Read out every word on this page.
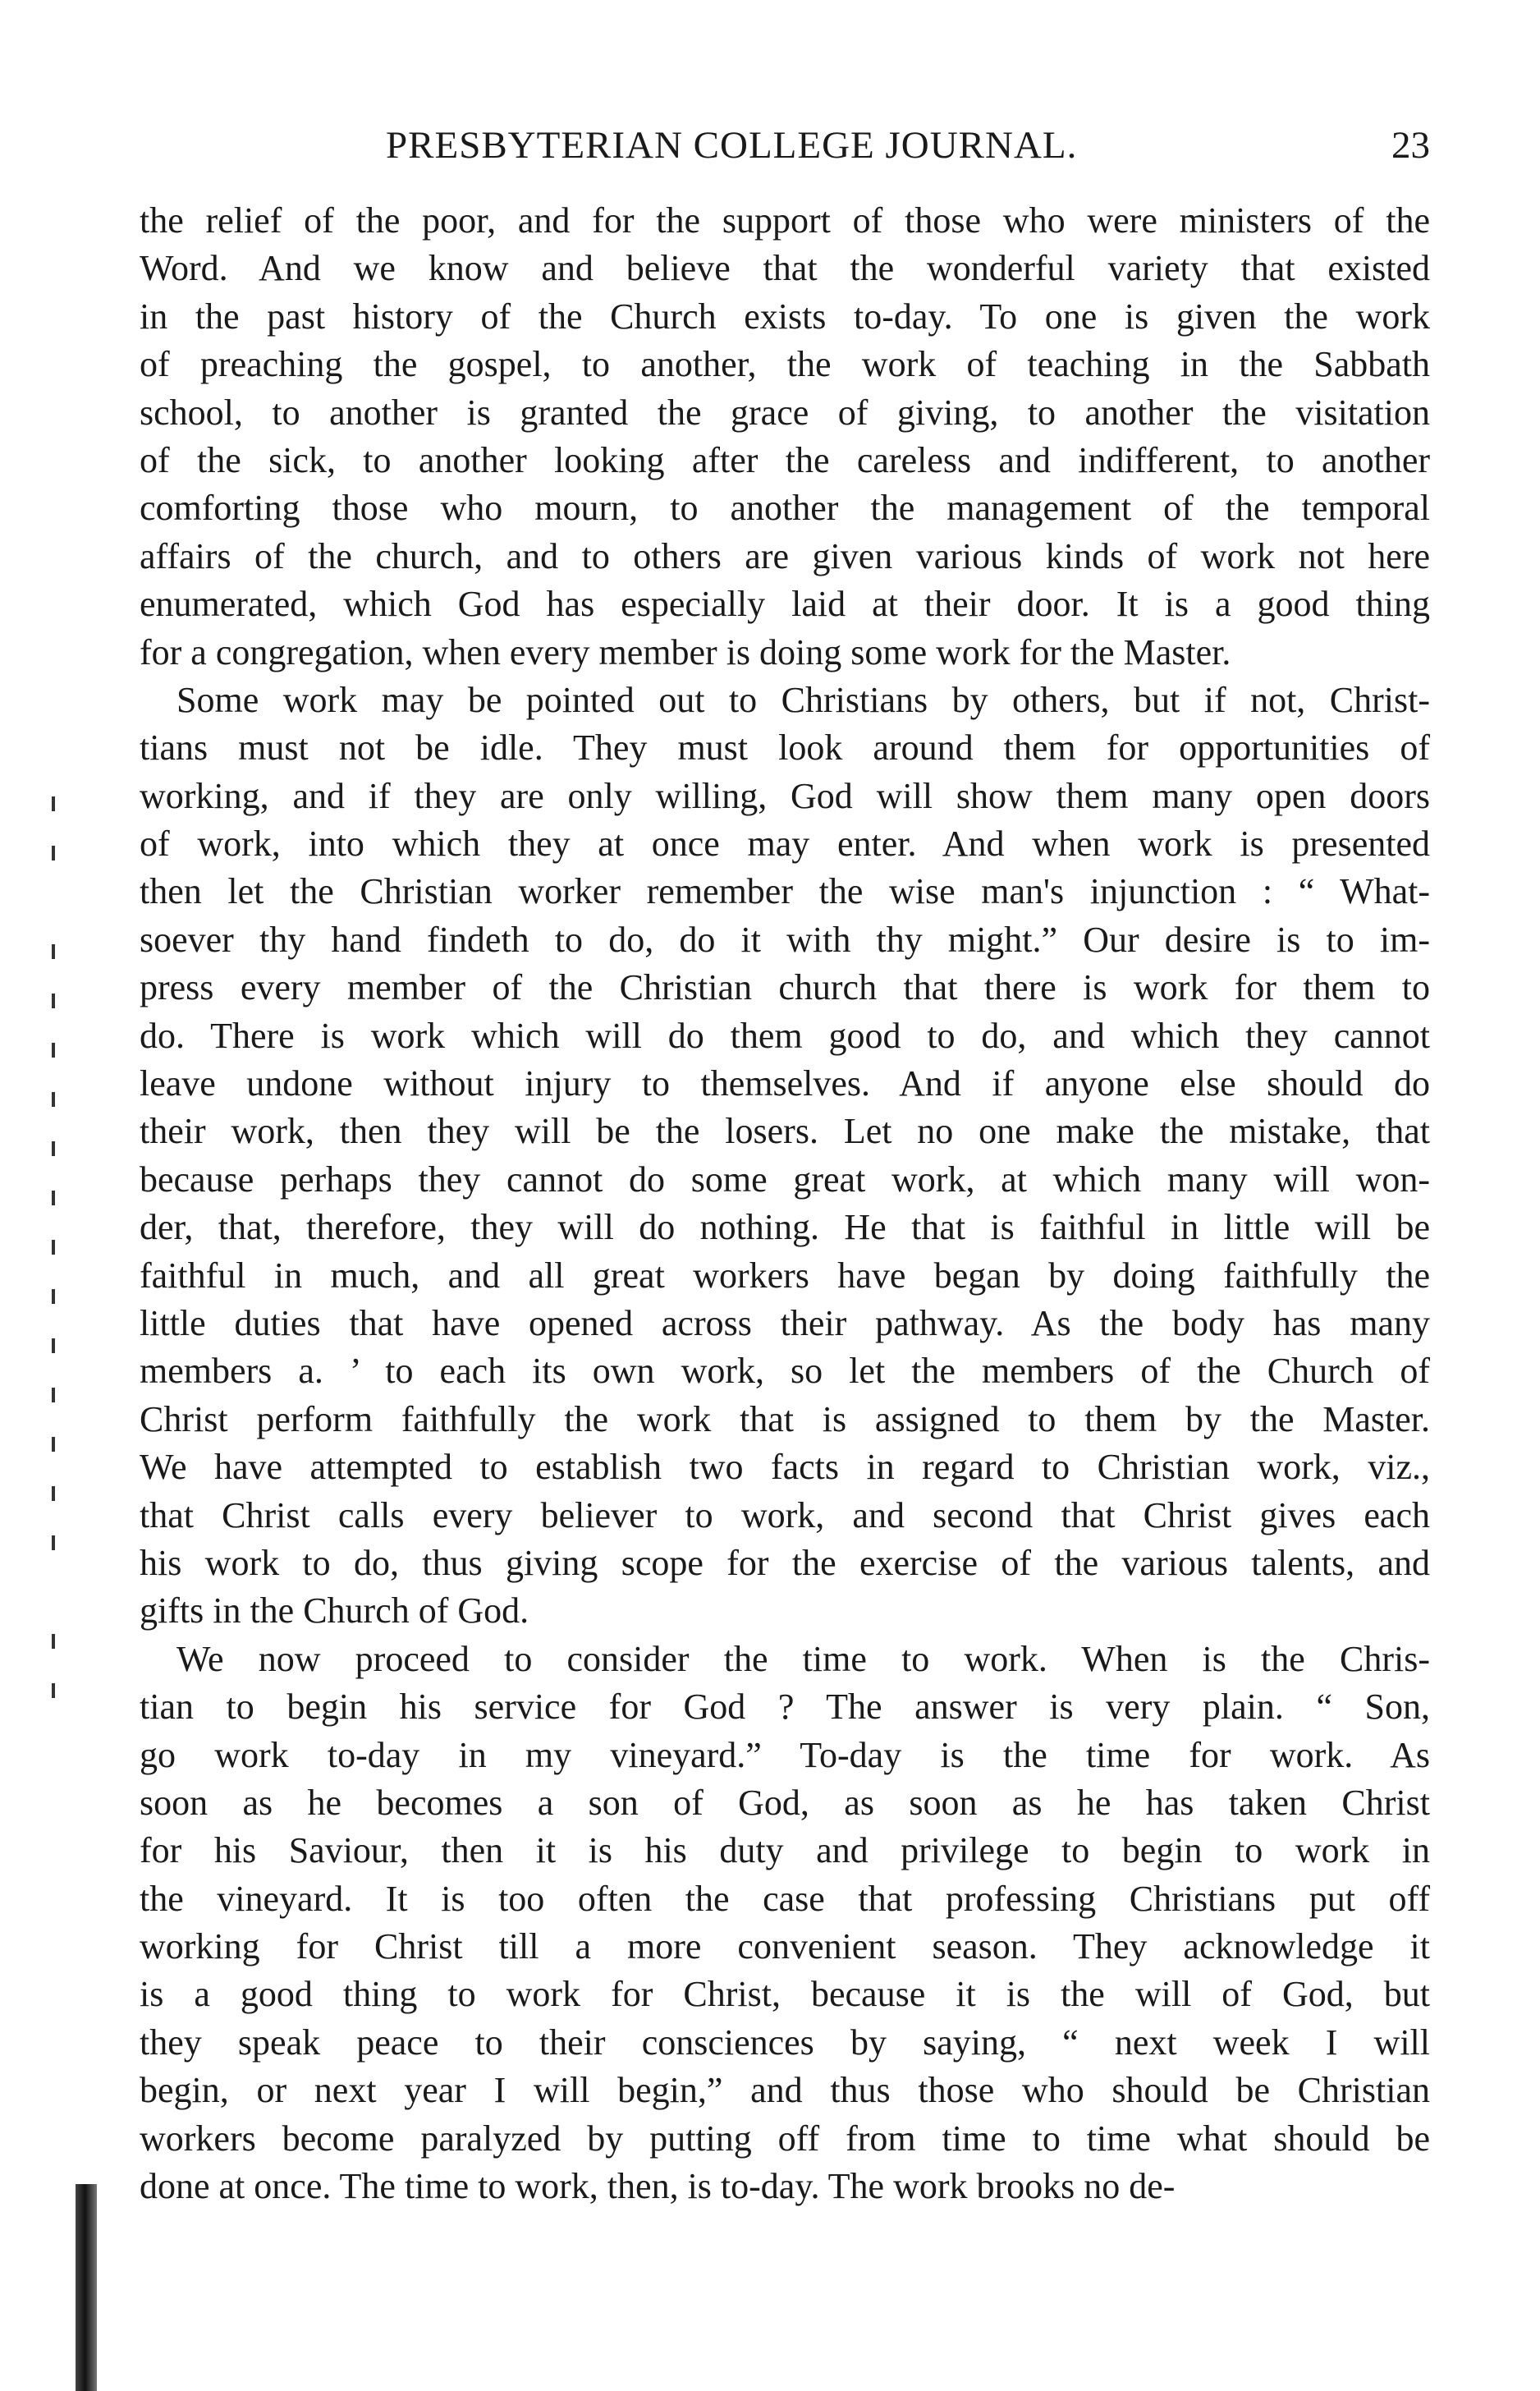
PRESBYTERIAN COLLEGE JOURNAL.	23
the relief of the poor, and for the support of those who were ministers of the
Word. And we know and believe that the wonderful variety that existed
in the past history of the Church exists to-day. To one is given the work
of preaching the gospel, to another, the work of teaching in the Sabbath
school, to another is granted the grace of giving, to another the visitation
of the sick, to another looking after the careless and indifferent, to another
comforting those who mourn, to another the management of the temporal
affairs of the church, and to others are given various kinds of work not here
enumerated, which God has especially laid at their door. It is a good thing
for a congregation, when every member is doing some work for the Master.
Some work may be pointed out to Christians by others, but if not, Christ-
tians must not be idle. They must look around them for opportunities of
working, and if they are only willing, God will show them many open doors
of work, into which they at once may enter. And when work is presented
then let the Christian worker remember the wise man's injunction : “ What-
soever thy hand findeth to do, do it with thy might.” Our desire is to im-
press every member of the Christian church that there is work for them to
do. There is work which will do them good to do, and which they cannot
leave undone without injury to themselves. And if anyone else should do
their work, then they will be the losers. Let no one make the mistake, that
because perhaps they cannot do some great work, at which many will won-
der, that, therefore, they will do nothing. He that is faithful in little will be
faithful in much, and all great workers have began by doing faithfully the
little duties that have opened across their pathway. As the body has many
members a. ’ to each its own work, so let the members of the Church of
Christ perform faithfully the work that is assigned to them by the Master.
We have attempted to establish two facts in regard to Christian work, viz.,
that Christ calls every believer to work, and second that Christ gives each
his work to do, thus giving scope for the exercise of the various talents, and
gifts in the Church of God.
We now proceed to consider the time to work. When is the Chris-
tian to begin his service for God ? The answer is very plain. “ Son,
go work to-day in my vineyard.” To-day is the time for work. As
soon as he becomes a son of God, as soon as he has taken Christ
for his Saviour, then it is his duty and privilege to begin to work in
the vineyard. It is too often the case that professing Christians put off
working for Christ till a more convenient season. They acknowledge it
is a good thing to work for Christ, because it is the will of God, but
they speak peace to their consciences by saying, “ next week I will
begin, or next year I will begin,” and thus those who should be Christian
workers become paralyzed by putting off from time to time what should be
done at once. The time to work, then, is to-day. The work brooks no de-
